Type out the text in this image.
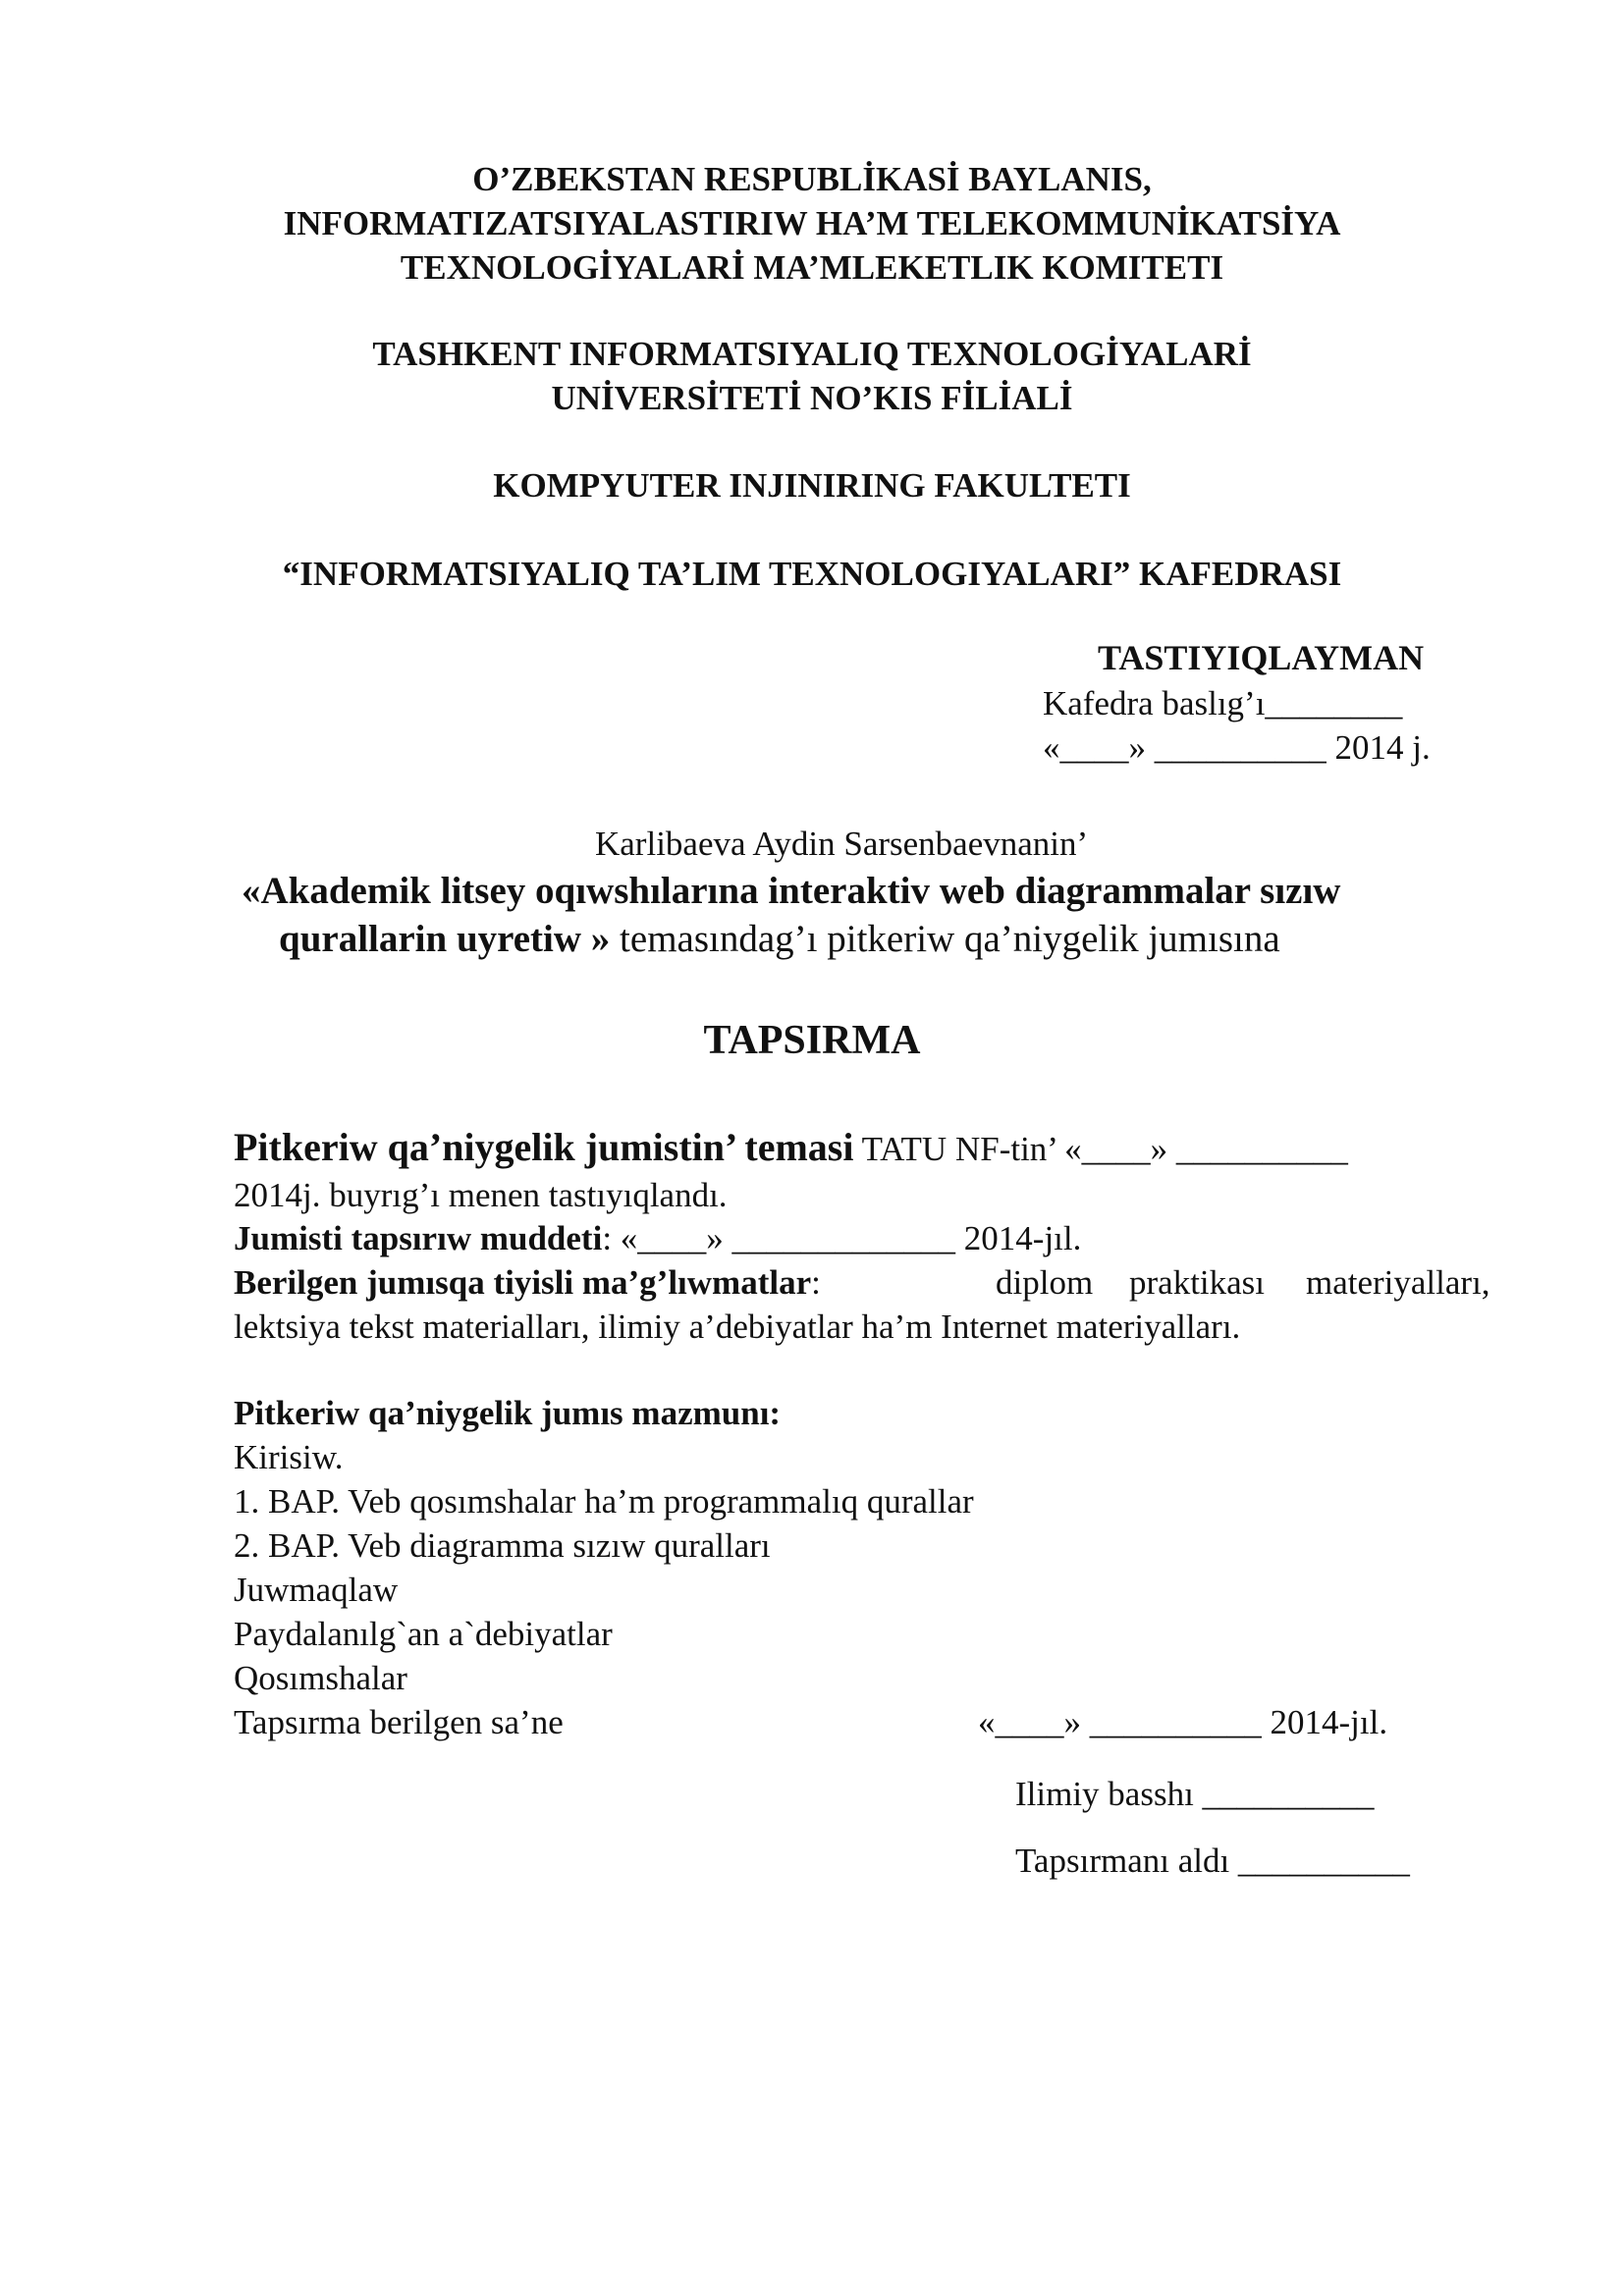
O’ZBEKSTAN RESPUBLİKASİ BAYLANIS,
INFORMATIZATSIYALASTIRIW HA’M TELEKOMMUNİKATSİYA
TEXNOLOGİYALARİ MA’MLEKETLIK KOMITETI
TASHKENT INFORMATSIYALIQ TEXNOLOGİYALARİ
UNİVERSİTETİ NO’KIS FİLİALİ
KOMPYUTER INJINIRING FAKULTETI
“INFORMATSIYALIQ TA’LIM TEXNOLOGIYALARI” KAFEDRASI
TASTIYIQLAYMAN
Kafedra baslıg’ı________
«____» __________ 2014 j.
Karlibaeva Aydin Sarsenbaevnanin’
«Akademik litsey oqıwshılarına interaktiv web diagrammalar sızıw
qurallarin uyretiw » temasındag’ı pitkeriw qa’niygelik jumısına
TAPSIRMA
Pitkeriw qa’niygelik jumistin’ temasi TATU NF-tin’ «____» __________
2014j. buyrıg’ı menen tastıyıqlandı.
Jumisti tapsırıw muddeti: «____» _____________ 2014-jıl.
Berilgen jumısqa tiyisli ma’g’lıwmatlar:	diplom praktikası materiyalları,
lektsiya tekst materialları, ilimiy a’debiyatlar ha’m Internet materiyalları.
Pitkeriw qa’niygelik jumıs mazmunı:
Kirisiw.
1. BAP. Veb qosımshalar ha’m programmalıq qurallar
2. BAP. Veb diagramma sızıw quralları
Juwmaqlaw
Paydalanılg`an a`debiyatlar
Qosımshalar
Tapsırma berilgen sa’ne	«____» __________ 2014-jıl.
Ilimiy basshı __________
Tapsırmanı aldı __________
